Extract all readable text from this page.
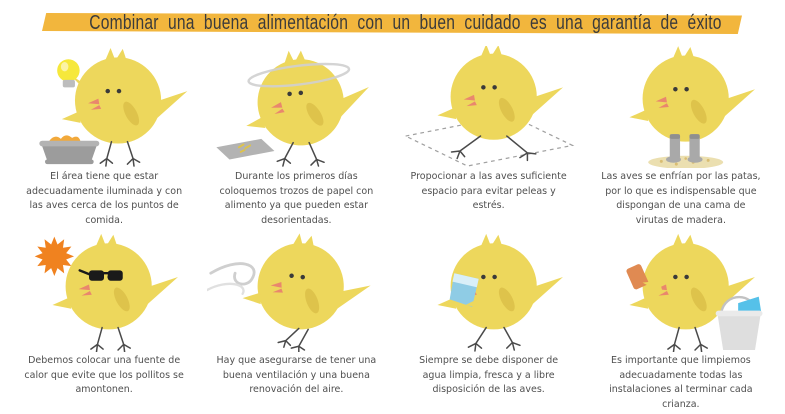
Combinar una buena alimentación con un buen cuidado es una garantía de éxito

El área tiene que estar adecuadamente iluminada y con las aves cerca de los puntos de comida.

Durante los primeros días coloquemos trozos de papel con alimento ya que pueden estar desorientadas.

Propocionar a las aves suficiente espacio para evitar peleas y estrés.

Las aves se enfrían por las patas, por lo que es indispensable que dispongan de una cama de virutas de madera.

Debemos colocar una fuente de calor que evite que los pollitos se amontonen.

Hay que asegurarse de tener una buena ventilación y una buena renovación del aire.

Siempre se debe disponer de agua limpia, fresca y a libre disposición de las aves.

Es importante que limpiemos adecuadamente todas las instalaciones al terminar cada crianza.
